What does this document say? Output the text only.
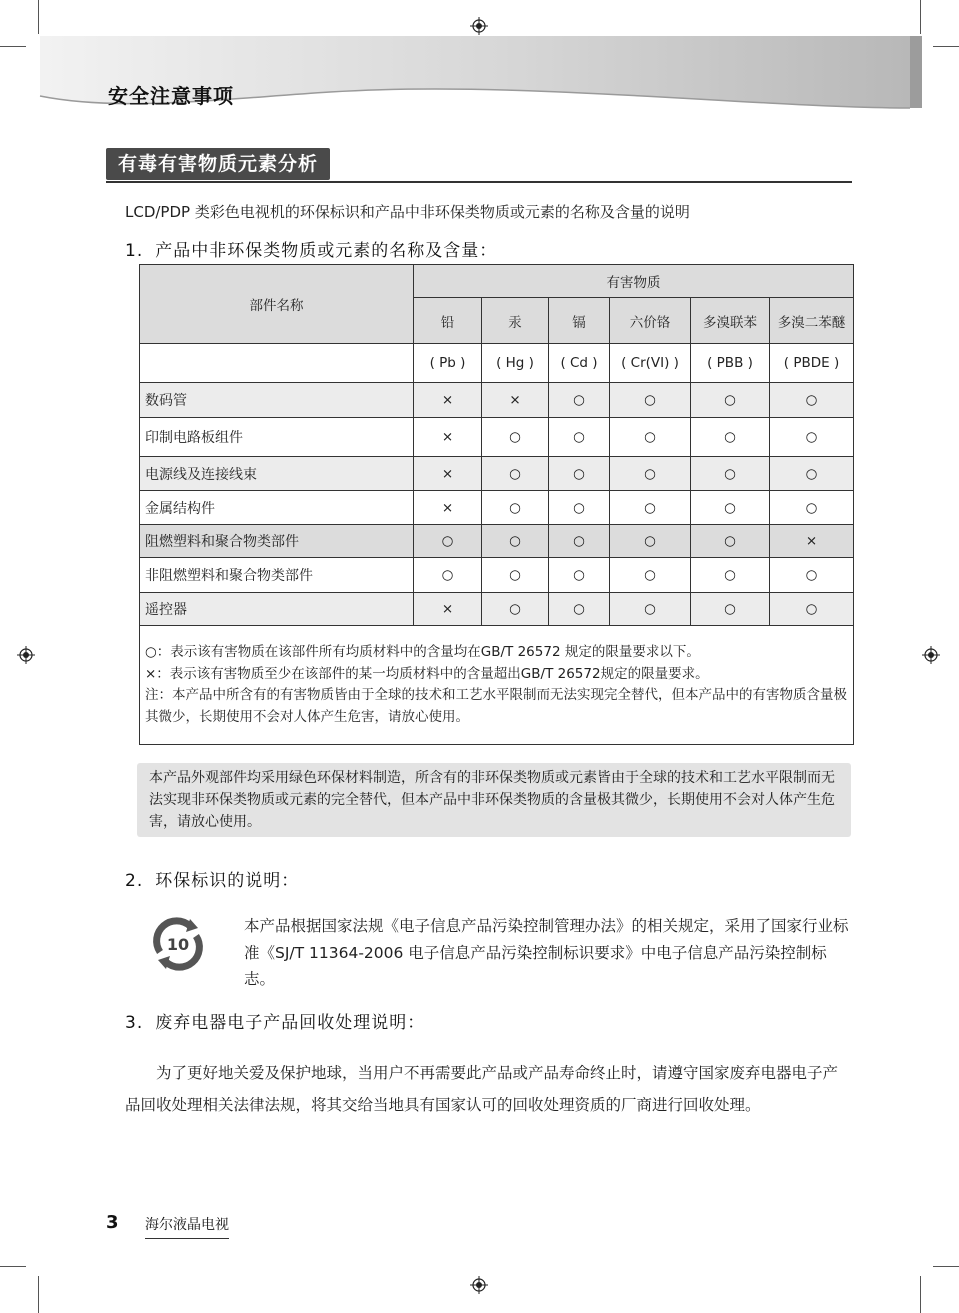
安全注意事项
有毒有害物质元素分析
LCD/PDP 类彩色电视机的环保标识和产品中非环保类物质或元素的名称及含量的说明
1. 产品中非环保类物质或元素的名称及含量：
部件名称	有害物质					
	铅	汞	镉	六价铬	多溴联苯	多溴二苯醚
	( Pb )	( Hg )	( Cd )	( Cr(VI) )	( PBB )	( PBDE )
数码管	×	×	○	○	○	○
印制电路板组件	×	○	○	○	○	○
电源线及连接线束	×	○	○	○	○	○
金属结构件	×	○	○	○	○	○
阻燃塑料和聚合物类部件	○	○	○	○	○	×
非阻燃塑料和聚合物类部件	○	○	○	○	○	○
遥控器	×	○	○	○	○	○

○：表示该有害物质在该部件所有均质材料中的含量均在GB/T 26572 规定的限量要求以下。
×：表示该有害物质至少在该部件的某一均质材料中的含量超出GB/T 26572规定的限量要求。
注：本产品中所含有的有害物质皆由于全球的技术和工艺水平限制而无法实现完全替代，但本产品中的有害物质含量极其微少，长期使用不会对人体产生危害，请放心使用。						
本产品外观部件均采用绿色环保材料制造，所含有的非环保类物质或元素皆由于全球的技术和工艺水平限制而无法实现非环保类物质或元素的完全替代，但本产品中非环保类物质的含量极其微少，长期使用不会对人体产生危害，请放心使用。
2. 环保标识的说明：
10
本产品根据国家法规《电子信息产品污染控制管理办法》的相关规定，采用了国家行业标准《SJ/T 11364-2006 电子信息产品污染控制标识要求》中电子信息产品污染控制标志。
3. 废弃电器电子产品回收处理说明：
为了更好地关爱及保护地球，当用户不再需要此产品或产品寿命终止时，请遵守国家废弃电器电子产品回收处理相关法律法规，将其交给当地具有国家认可的回收处理资质的厂商进行回收处理。
3 海尔液晶电视
